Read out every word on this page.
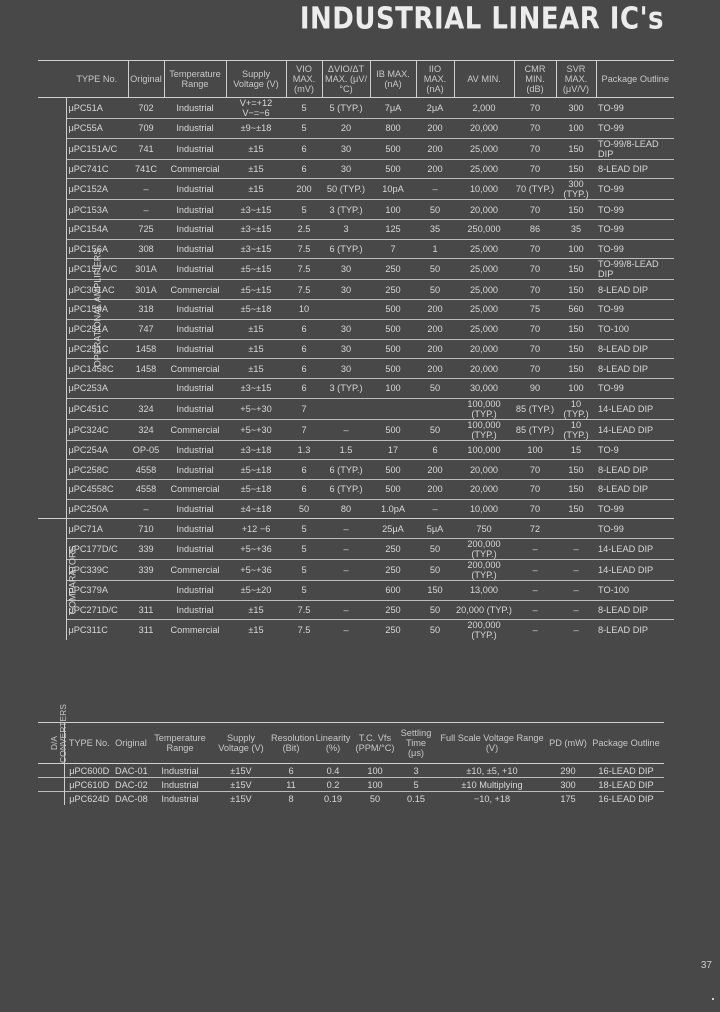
INDUSTRIAL LINEAR IC's
	TYPE No.	Original	Temperature Range	Supply Voltage (V)	VIO MAX. (mV)	ΔVIO/ΔT MAX. (μV/°C)	IB MAX. (nA)	IIO MAX. (nA)	AV MIN.	CMR MIN. (dB)	SVR MAX. (μV/V)	Package Outline
OPERATIONAL AMPLIFIERS	μPC51A	702	Industrial	V+=+12 V−=−6	5	5 (TYP.)	7μA	2μA	2,000	70	300	TO-99
	μPC55A	709	Industrial	±9~±18	5	20	800	200	20,000	70	100	TO-99
	μPC151A/C	741	Industrial	±15	6	30	500	200	25,000	70	150	TO-99/8-LEAD DIP
	μPC741C	741C	Commercial	±15	6	30	500	200	25,000	70	150	8-LEAD DIP
	μPC152A	–	Industrial	±15	200	50 (TYP.)	10pA	–	10,000	70 (TYP.)	300 (TYP.)	TO-99
	μPC153A	–	Industrial	±3~±15	5	3 (TYP.)	100	50	20,000	70	150	TO-99
	μPC154A	725	Industrial	±3~±15	2.5	3	125	35	250,000	86	35	TO-99
	μPC156A	308	Industrial	±3~±15	7.5	6 (TYP.)	7	1	25,000	70	100	TO-99
	μPC157A/C	301A	Industrial	±5~±15	7.5	30	250	50	25,000	70	150	TO-99/8-LEAD DIP
	μPC301AC	301A	Commercial	±5~±15	7.5	30	250	50	25,000	70	150	8-LEAD DIP
	μPC159A	318	Industrial	±5~±18	10		500	200	25,000	75	560	TO-99
	μPC251A	747	Industrial	±15	6	30	500	200	25,000	70	150	TO-100
	μPC251C	1458	Industrial	±15	6	30	500	200	20,000	70	150	8-LEAD DIP
	μPC1458C	1458	Commercial	±15	6	30	500	200	20,000	70	150	8-LEAD DIP
	μPC253A		Industrial	±3~±15	6	3 (TYP.)	100	50	30,000	90	100	TO-99
	μPC451C	324	Industrial	+5~+30	7				100,000 (TYP.)	85 (TYP.)	10 (TYP.)	14-LEAD DIP
	μPC324C	324	Commercial	+5~+30	7	–	500	50	100,000 (TYP.)	85 (TYP.)	10 (TYP.)	14-LEAD DIP
	μPC254A	OP-05	Industrial	±3~±18	1.3	1.5	17	6	100,000	100	15	TO-9
	μPC258C	4558	Industrial	±5~±18	6	6 (TYP.)	500	200	20,000	70	150	8-LEAD DIP
	μPC4558C	4558	Commercial	±5~±18	6	6 (TYP.)	500	200	20,000	70	150	8-LEAD DIP
	μPC250A	–	Industrial	±4~±18	50	80	1.0pA	–	10,000	70	150	TO-99
COMPARATORS	μPC71A	710	Industrial	+12 −6	5	–	25μA	5μA	750	72		TO-99
	μPC177D/C	339	Industrial	+5~+36	5	–	250	50	200,000 (TYP.)	–	–	14-LEAD DIP
	μPC339C	339	Commercial	+5~+36	5	–	250	50	200,000 (TYP.)	–	–	14-LEAD DIP
	μPC379A		Industrial	±5~±20	5		600	150	13,000	–	–	TO-100
	μPC271D/C	311	Industrial	±15	7.5	–	250	50	20,000 (TYP.)	–	–	8-LEAD DIP
	μPC311C	311	Commercial	±15	7.5	–	250	50	200,000 (TYP.)	–	–	8-LEAD DIP
D/A CONVERTERS	TYPE No.	Original	Temperature Range	Supply Voltage (V)	Resolution (Bit)	Linearity (%)	T.C. Vfs (PPM/°C)	Settling Time (μs)	Full Scale Voltage Range (V)	PD (mW)	Package Outline
	μPC600D	DAC-01	Industrial	±15V	6	0.4	100	3	±10, ±5, +10	290	16-LEAD DIP
	μPC610D	DAC-02	Industrial	±15V	11	0.2	100	5	±10 Multiplying	300	18-LEAD DIP
	μPC624D	DAC-08	Industrial	±15V	8	0.19	50	0.15	−10, +18	175	16-LEAD DIP
37
